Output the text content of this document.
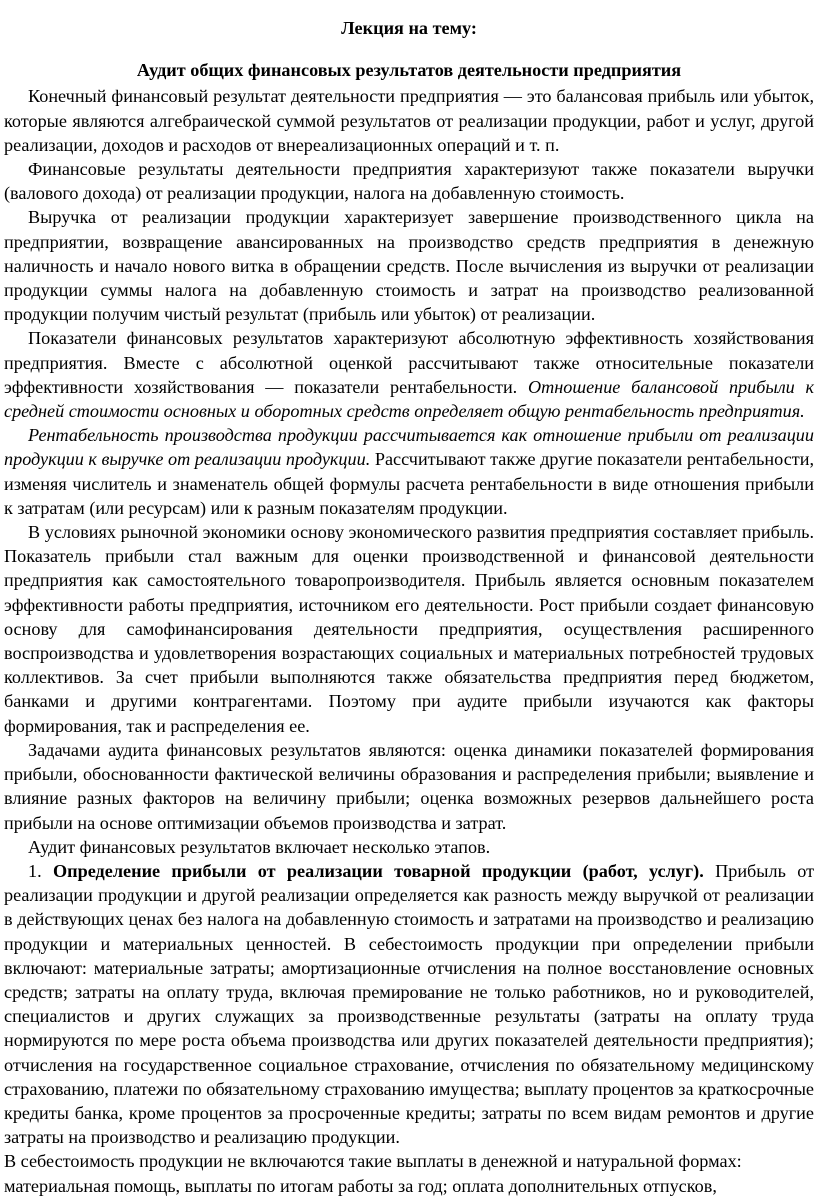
Лекция на тему:

Аудит общих финансовых результатов деятельности предприятия

Конечный финансовый результат деятельности предприятия — это балансовая прибыль или убыток, которые являются алгебраической суммой результатов от реализации продукции, работ и услуг, другой реализации, доходов и расходов от внереализационных операций и т. п.

Финансовые результаты деятельности предприятия характеризуют также показатели выручки (валового дохода) от реализации продукции, налога на добавленную стоимость.

Выручка от реализации продукции характеризует завершение производственного цикла на предприятии, возвращение авансированных на производство средств предприятия в денежную наличность и начало нового витка в обращении средств. После вычисления из выручки от реализации продукции суммы налога на добавленную стоимость и затрат на производство реализованной продукции получим чистый результат (прибыль или убыток) от реализации.

Показатели финансовых результатов характеризуют абсолютную эффективность хозяйствования предприятия. Вместе с абсолютной оценкой рассчитывают также относительные показатели эффективности хозяйствования — показатели рентабельности. Отношение балансовой прибыли к средней стоимости основных и оборотных средств определяет общую рентабельность предприятия.

Рентабельность производства продукции рассчитывается как отношение прибыли от реализации продукции к выручке от реализации продукции. Рассчитывают также другие показатели рентабельности, изменяя числитель и знаменатель общей формулы расчета рентабельности в виде отношения прибыли к затратам (или ресурсам) или к разным показателям продукции.

В условиях рыночной экономики основу экономического развития предприятия составляет прибыль. Показатель прибыли стал важным для оценки производственной и финансовой деятельности предприятия как самостоятельного товаропроизводителя. Прибыль является основным показателем эффективности работы предприятия, источником его деятельности. Рост прибыли создает финансовую основу для самофинансирования деятельности предприятия, осуществления расширенного воспроизводства и удовлетворения возрастающих социальных и материальных потребностей трудовых коллективов. За счет прибыли выполняются также обязательства предприятия перед бюджетом, банками и другими контрагентами. Поэтому при аудите прибыли изучаются как факторы формирования, так и распределения ее.

Задачами аудита финансовых результатов являются: оценка динамики показателей формирования прибыли, обоснованности фактической величины образования и распределения прибыли; выявление и влияние разных факторов на величину прибыли; оценка возможных резервов дальнейшего роста прибыли на основе оптимизации объемов производства и затрат.

Аудит финансовых результатов включает несколько этапов.

1. Определение прибыли от реализации товарной продукции (работ, услуг). Прибыль от реализации продукции и другой реализации определяется как разность между выручкой от реализации в действующих ценах без налога на добавленную стоимость и затратами на производство и реализацию продукции и материальных ценностей. В себестоимость продукции при определении прибыли включают: материальные затраты; амортизационные отчисления на полное восстановление основных средств; затраты на оплату труда, включая премирование не только работников, но и руководителей, специалистов и других служащих за производственные результаты (затраты на оплату труда нормируются по мере роста объема производства или других показателей деятельности предприятия); отчисления на государственное социальное страхование, отчисления по обязательному медицинскому страхованию, платежи по обязательному страхованию имущества; выплату процентов за краткосрочные кредиты банка, кроме процентов за просроченные кредиты; затраты по всем видам ремонтов и другие затраты на производство и реализацию продукции.

В себестоимость продукции не включаются такие выплаты в денежной и натуральной формах:

материальная помощь, выплаты по итогам работы за год; оплата дополнительных отпусков,
